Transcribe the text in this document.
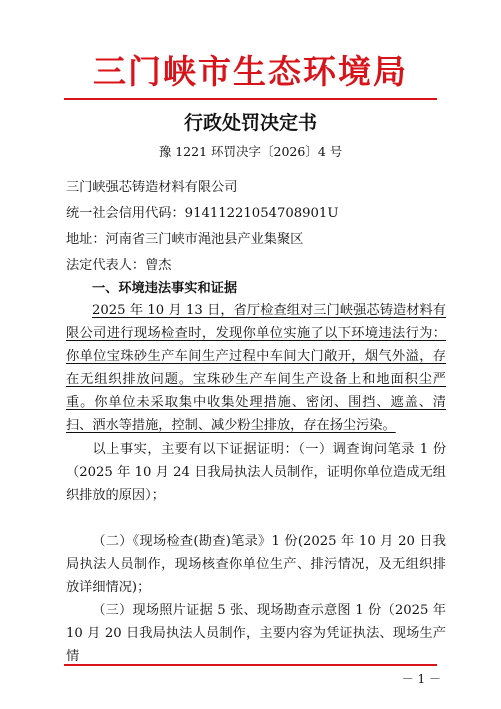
三门峡市生态环境局
行政处罚决定书
豫 1221 环罚决字〔2026〕4 号
三门峡强芯铸造材料有限公司
统一社会信用代码：91411221054708901U
地址：河南省三门峡市渑池县产业集聚区
法定代表人：曾杰
一、环境违法事实和证据

2025 年 10 月 13 日，省厅检查组对三门峡强芯铸造材料有限公司进行现场检查时，发现你单位实施了以下环境违法行为：你单位宝珠砂生产车间生产过程中车间大门敞开，烟气外溢，存在无组织排放问题。宝珠砂生产车间生产设备上和地面积尘严重。你单位未采取集中收集处理措施、密闭、围挡、遮盖、清扫、洒水等措施，控制、减少粉尘排放，存在扬尘污染。

以上事实，主要有以下证据证明：（一）调查询问笔录 1 份（2025 年 10 月 24 日我局执法人员制作，证明你单位造成无组织排放的原因）；

（二）《现场检查(勘查)笔录》1 份(2025 年 10 月 20 日我局执法人员制作，现场核查你单位生产、排污情况，及无组织排放详细情况)；

（三）现场照片证据 5 张、现场勘查示意图 1 份（2025 年 10 月 20 日我局执法人员制作，主要内容为凭证执法、现场生产情

－ 1 －
